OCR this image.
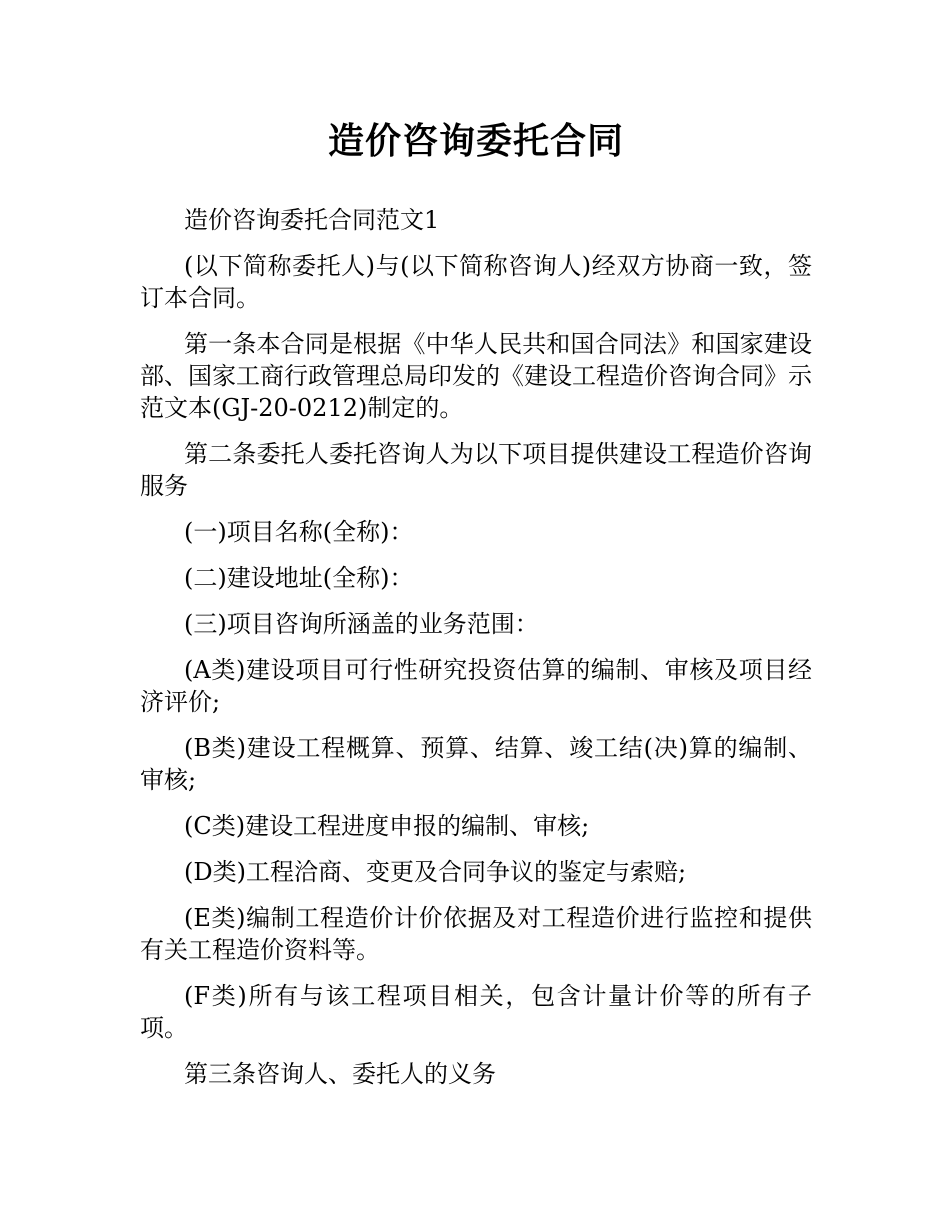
造价咨询委托合同

造价咨询委托合同范文1

(以下简称委托人)与(以下简称咨询人)经双方协商一致，签订本合同。

第一条本合同是根据《中华人民共和国合同法》和国家建设部、国家工商行政管理总局印发的《建设工程造价咨询合同》示范文本(GJ-20-0212)制定的。

第二条委托人委托咨询人为以下项目提供建设工程造价咨询服务

(一)项目名称(全称)：

(二)建设地址(全称)：

(三)项目咨询所涵盖的业务范围：

(A类)建设项目可行性研究投资估算的编制、审核及项目经济评价;

(B类)建设工程概算、预算、结算、竣工结(决)算的编制、审核;

(C类)建设工程进度申报的编制、审核;

(D类)工程洽商、变更及合同争议的鉴定与索赔;

(E类)编制工程造价计价依据及对工程造价进行监控和提供有关工程造价资料等。

(F类)所有与该工程项目相关，包含计量计价等的所有子项。

第三条咨询人、委托人的义务
